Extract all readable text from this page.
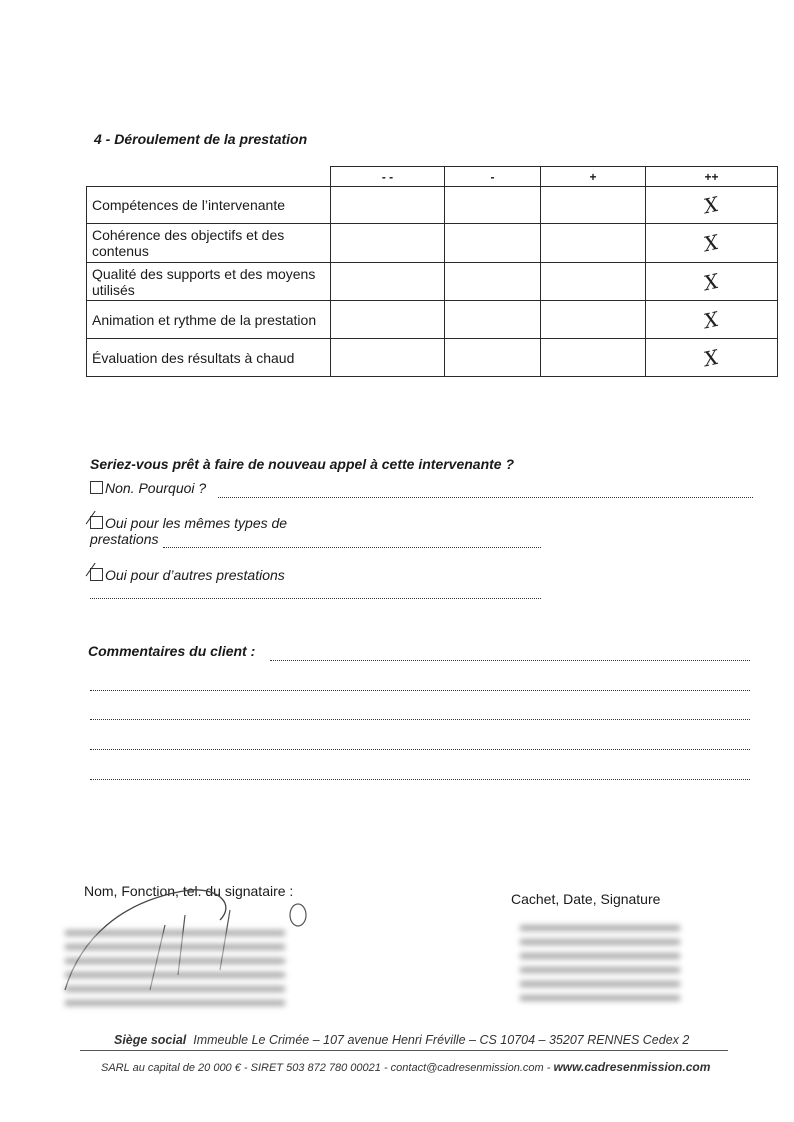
4 - Déroulement de la prestation
	- -	-	+	++
Compétences de l’intervenante				X
Cohérence des objectifs et des contenus				X
Qualité des supports et des moyens utilisés				X
Animation et rythme de la prestation				X
Évaluation des résultats à chaud				X
Seriez-vous prêt à faire de nouveau appel à cette intervenante ?
Non. Pourquoi ?
Oui pour les mêmes types de
prestations
Oui pour d’autres prestations
Commentaires du client :
Nom, Fonction, tel. du signataire :	Cachet, Date, Signature
Siège social Immeuble Le Crimée – 107 avenue Henri Fréville – CS 10704 – 35207 RENNES Cedex 2
SARL au capital de 20 000 € - SIRET 503 872 780 00021 - contact@cadresenmission.com - www.cadresenmission.com
